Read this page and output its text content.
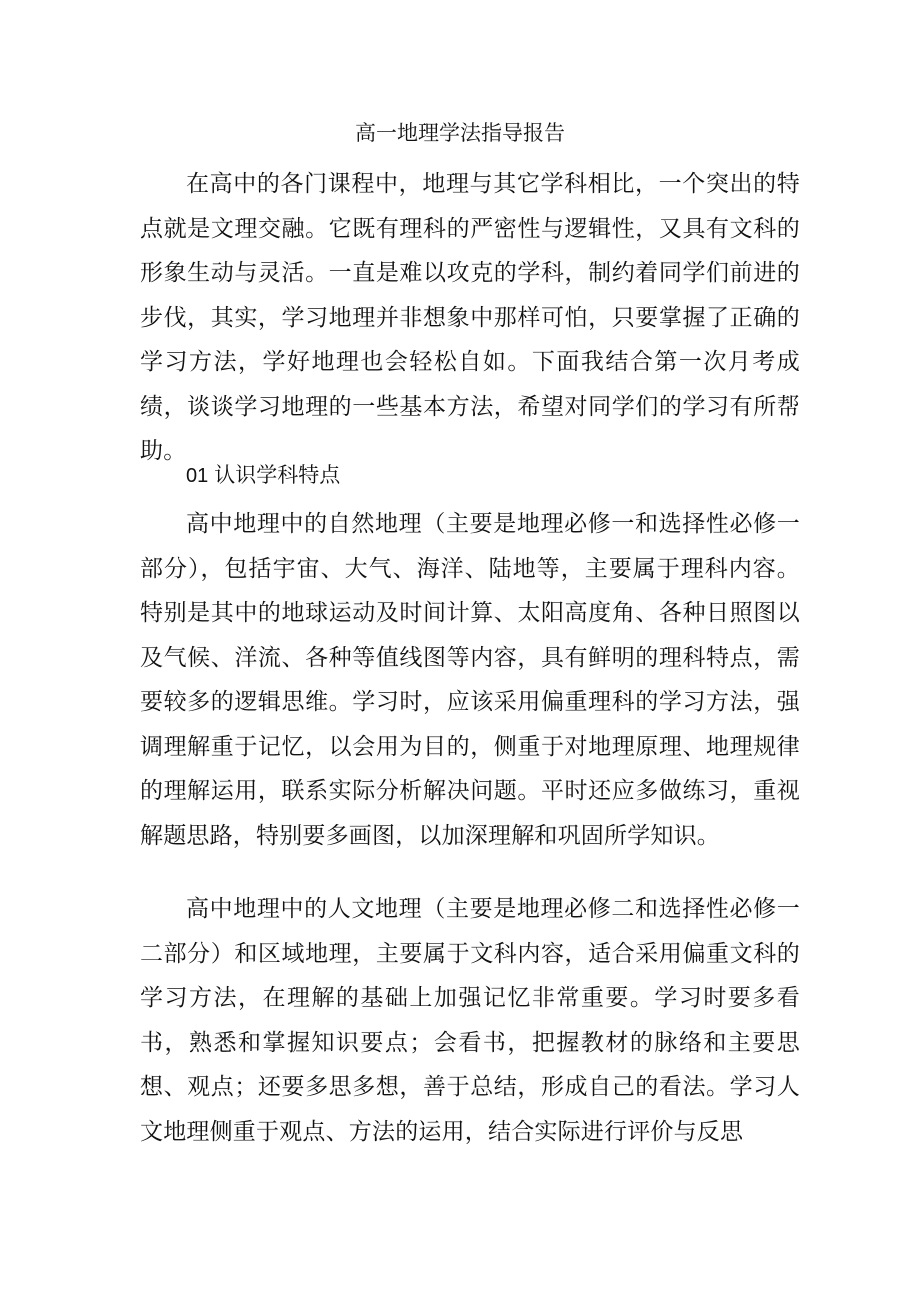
高一地理学法指导报告

在高中的各门课程中，地理与其它学科相比，一个突出的特点就是文理交融。它既有理科的严密性与逻辑性，又具有文科的形象生动与灵活。一直是难以攻克的学科，制约着同学们前进的步伐，其实，学习地理并非想象中那样可怕，只要掌握了正确的学习方法，学好地理也会轻松自如。下面我结合第一次月考成绩，谈谈学习地理的一些基本方法，希望对同学们的学习有所帮助。

01 认识学科特点

高中地理中的自然地理（主要是地理必修一和选择性必修一部分），包括宇宙、大气、海洋、陆地等，主要属于理科内容。特别是其中的地球运动及时间计算、太阳高度角、各种日照图以及气候、洋流、各种等值线图等内容，具有鲜明的理科特点，需要较多的逻辑思维。学习时，应该采用偏重理科的学习方法，强调理解重于记忆，以会用为目的，侧重于对地理原理、地理规律的理解运用，联系实际分析解决问题。平时还应多做练习，重视解题思路，特别要多画图，以加深理解和巩固所学知识。

高中地理中的人文地理（主要是地理必修二和选择性必修一二部分）和区域地理，主要属于文科内容，适合采用偏重文科的学习方法，在理解的基础上加强记忆非常重要。学习时要多看书，熟悉和掌握知识要点；会看书，把握教材的脉络和主要思想、观点；还要多思多想，善于总结，形成自己的看法。学习人文地理侧重于观点、方法的运用，结合实际进行评价与反思
